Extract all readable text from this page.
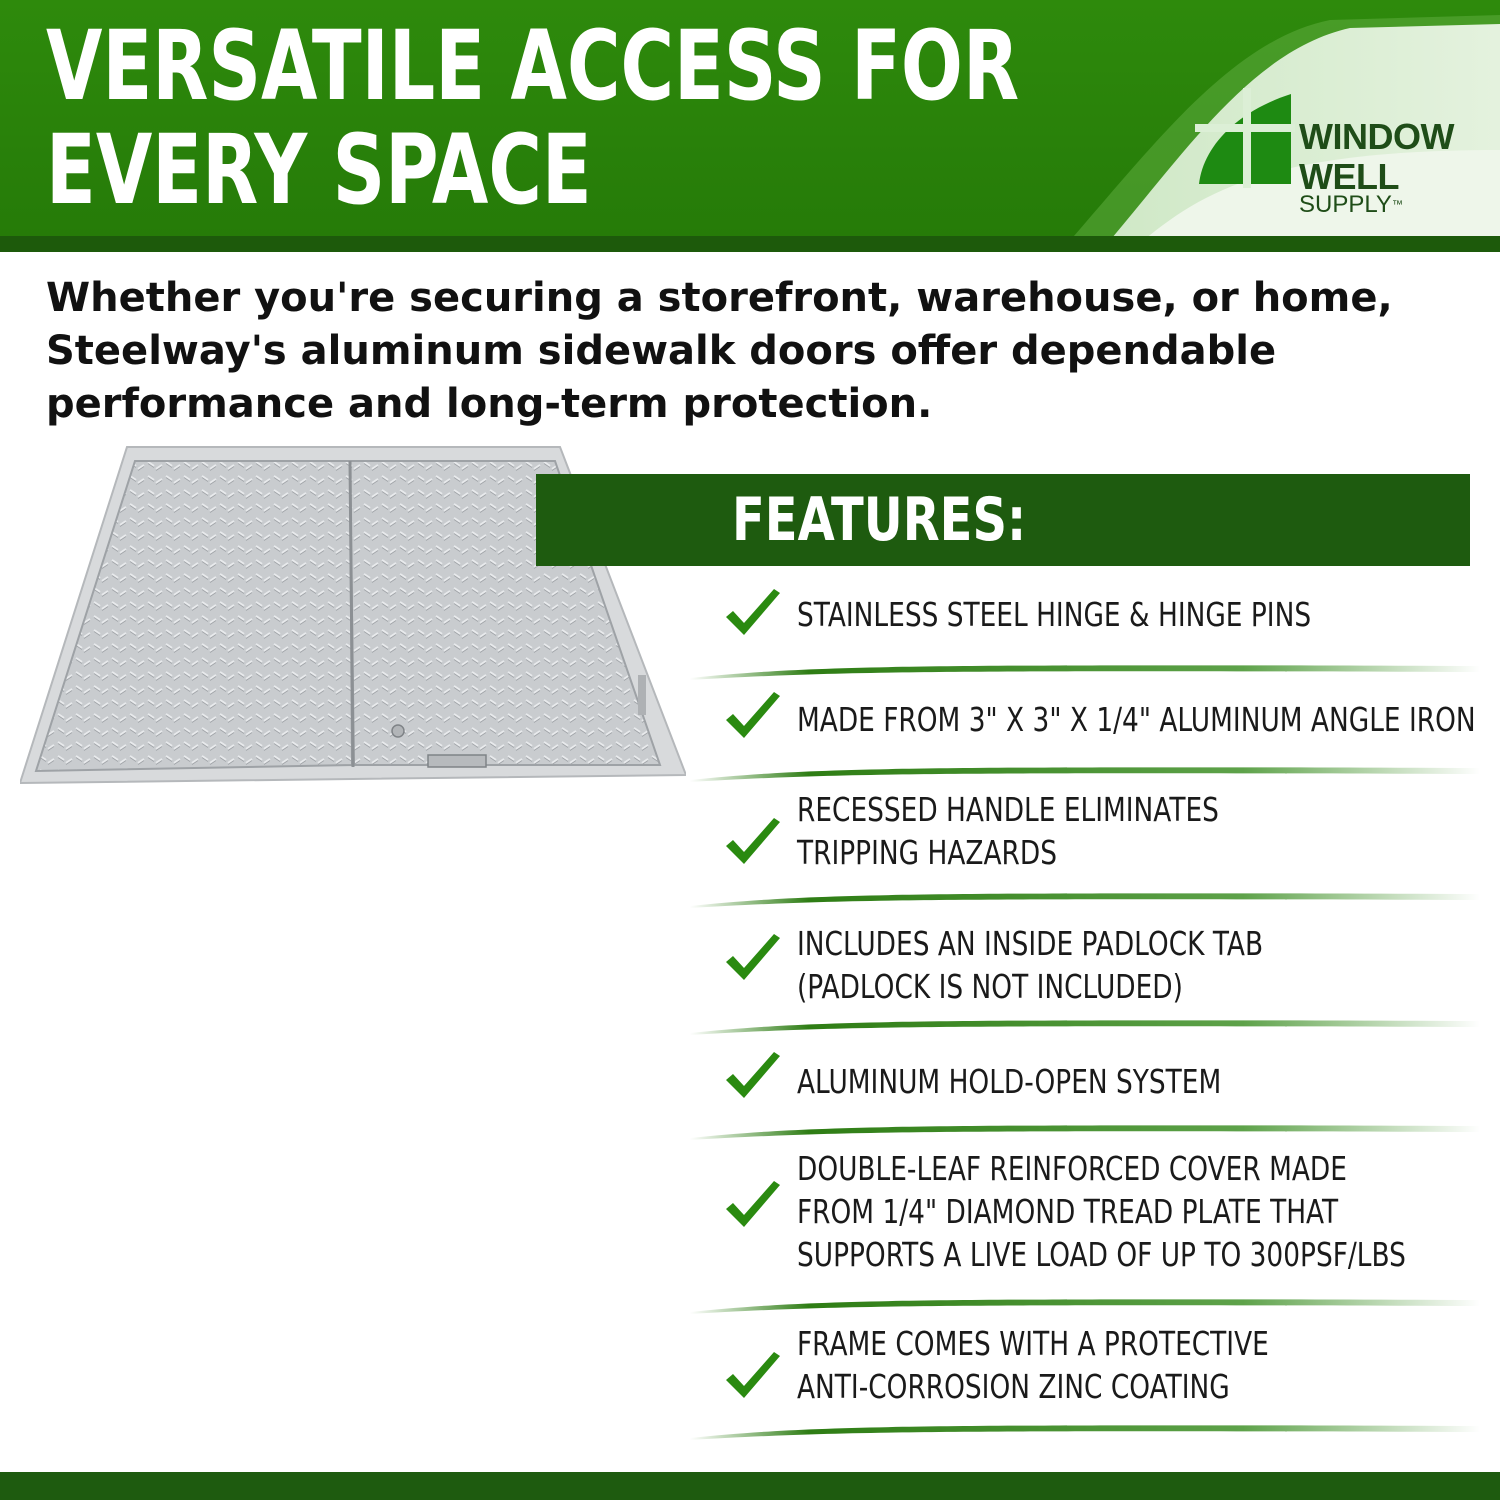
VERSATILE ACCESS FOR
EVERY SPACE	WINDOW
WELL
SUPPLY™

Whether you're securing a storefront, warehouse, or home,
Steelway's aluminum sidewalk doors offer dependable
performance and long-term protection.

FEATURES:
STAINLESS STEEL HINGE & HINGE PINS
MADE FROM 3" X 3" X 1/4" ALUMINUM ANGLE IRON
RECESSED HANDLE ELIMINATES
TRIPPING HAZARDS
INCLUDES AN INSIDE PADLOCK TAB
(PADLOCK IS NOT INCLUDED)
ALUMINUM HOLD-OPEN SYSTEM
DOUBLE-LEAF REINFORCED COVER MADE
FROM 1/4" DIAMOND TREAD PLATE THAT
SUPPORTS A LIVE LOAD OF UP TO 300PSF/LBS
FRAME COMES WITH A PROTECTIVE
ANTI-CORROSION ZINC COATING
